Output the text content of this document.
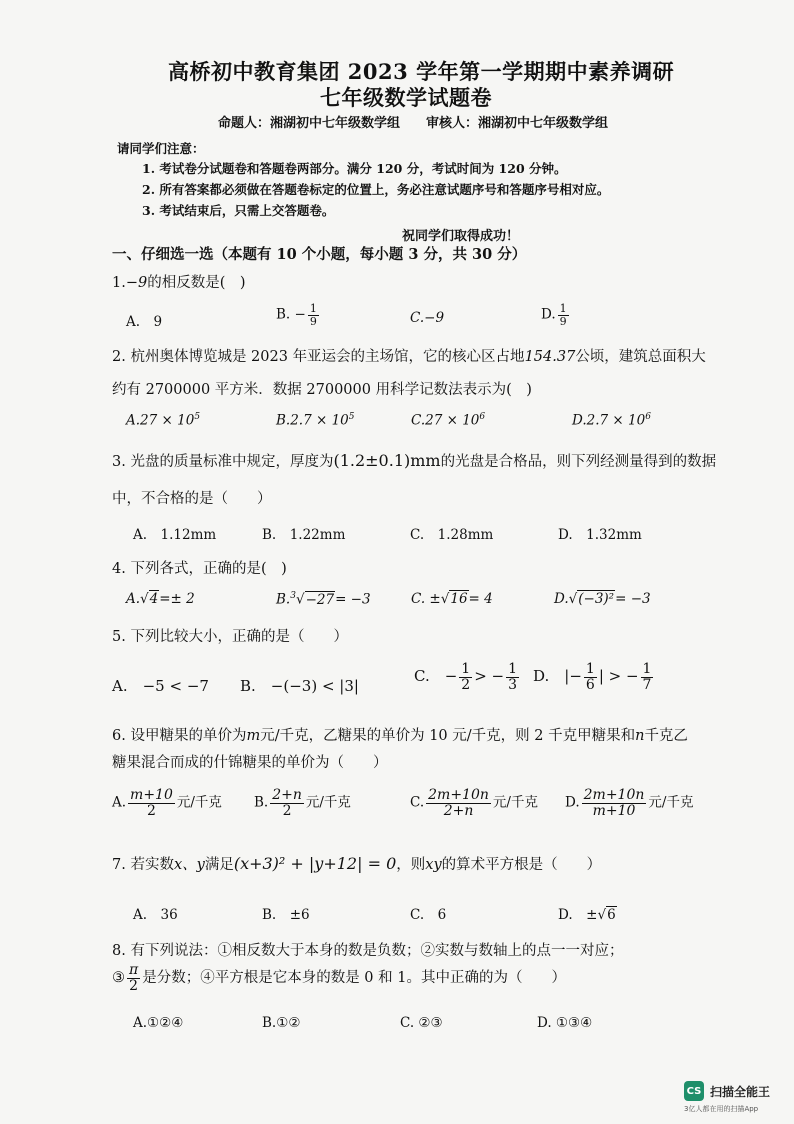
高桥初中教育集团 2023 学年第一学期期中素养调研
七年级数学试题卷
命题人：湘湖初中七年级数学组　　审核人：湘湖初中七年级数学组
请同学们注意：
1. 考试卷分试题卷和答题卷两部分。满分 120 分，考试时间为 120 分钟。
2. 所有答案都必须做在答题卷标定的位置上，务必注意试题序号和答题序号相对应。
3. 考试结束后，只需上交答题卷。
祝同学们取得成功！
一、仔细选一选（本题有 10 个小题，每小题 3 分，共 30 分）
1.−9的相反数是(　)
A.　9	B. − $\frac{1}{9}$	C.−9	D. $\frac{1}{9}$
2. 杭州奥体博览城是 2023 年亚运会的主场馆，它的核心区占地154.37公顷，建筑总面积大
约有 2700000 平方米．数据 2700000 用科学记数法表示为(　)
$A.27 \times 10^5$	$B.2.7 \times 10^5$	$C.27 \times 10^6$	$D.2.7 \times 10^6$
3. 光盘的质量标准中规定，厚度为(1.2±0.1)mm的光盘是合格品，则下列经测量得到的数据
中，不合格的是（　　）
A.　1.12mm	B.　1.22mm	C.　1.28mm	D.　1.32mm
4. 下列各式，正确的是(　)
A.√4=± 2	B.$^3$√−27= −3	C. ±√16= 4	D.√(−3)²= −3
5. 下列比较大小，正确的是（　　）
A.　−5 < −7 B.　−(−3) < |3|
C.　− $\frac{1}{2}$ > − $\frac{1}{3} D$.　|− $\frac{1}{6}$ | > − $\frac{1}{7}$
6. 设甲糖果的单价为m元/千克，乙糖果的单价为 10 元/千克，则 2 千克甲糖果和n千克乙
糖果混合而成的什锦糖果的单价为（　　）
A. $\frac{m+10}{2}$ 元/千克 B. $\frac{2+n}{2}$ 元/千克	C. $\frac{2m+10n}{2+n}$ 元/千克 D. $\frac{2m+10n}{m+10}$ 元/千克
7. 若实数x、y满足(x+3)² + |y+12| = 0，则xy的算术平方根是（　　）
A.　36	B.　±6	C.　6	D.　±√6
8. 有下列说法：①相反数大于本身的数是负数；②实数与数轴上的点一一对应；
③ $\frac{\pi}{2}$ 是分数；④平方根是它本身的数是 0 和 1。其中正确的为（　　）
A.①②④	B.①②	C. ②③	D. ①③④
CS 扫描全能王
3亿人都在用的扫描App
